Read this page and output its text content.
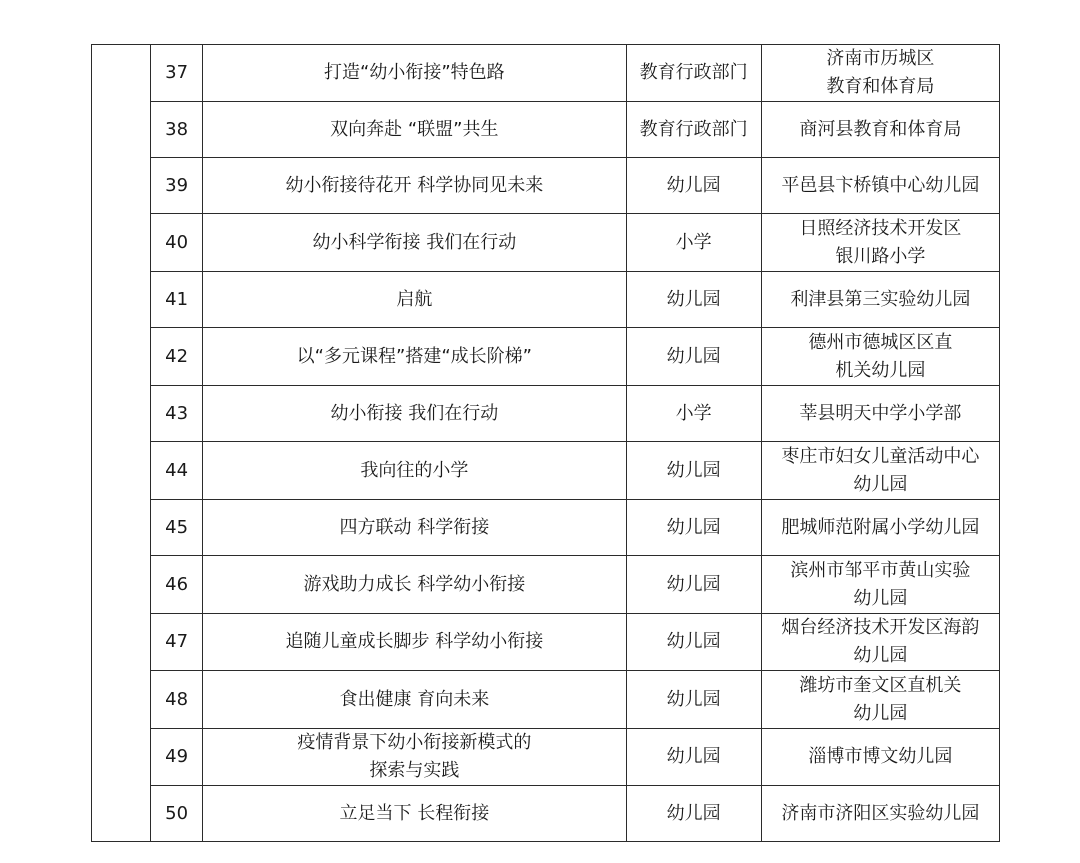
	37	打造“幼小衔接”特色路	教育行政部门	济南市历城区
教育和体育局

	38	双向奔赴 “联盟”共生	教育行政部门	商河县教育和体育局

	39	幼小衔接待花开 科学协同见未来	幼儿园	平邑县卞桥镇中心幼儿园

	40	幼小科学衔接 我们在行动	小学	日照经济技术开发区
银川路小学

	41	启航	幼儿园	利津县第三实验幼儿园

	42	以“多元课程”搭建“成长阶梯”	幼儿园	德州市德城区区直
机关幼儿园

	43	幼小衔接 我们在行动	小学	莘县明天中学小学部

	44	我向往的小学	幼儿园	枣庄市妇女儿童活动中心
幼儿园

	45	四方联动 科学衔接	幼儿园	肥城师范附属小学幼儿园

	46	游戏助力成长 科学幼小衔接	幼儿园	滨州市邹平市黄山实验
幼儿园

	47	追随儿童成长脚步 科学幼小衔接	幼儿园	烟台经济技术开发区海韵
幼儿园

	48	食出健康 育向未来	幼儿园	潍坊市奎文区直机关
幼儿园

	49	疫情背景下幼小衔接新模式的
探索与实践	幼儿园	淄博市博文幼儿园

	50	立足当下 长程衔接	幼儿园	济南市济阳区实验幼儿园
